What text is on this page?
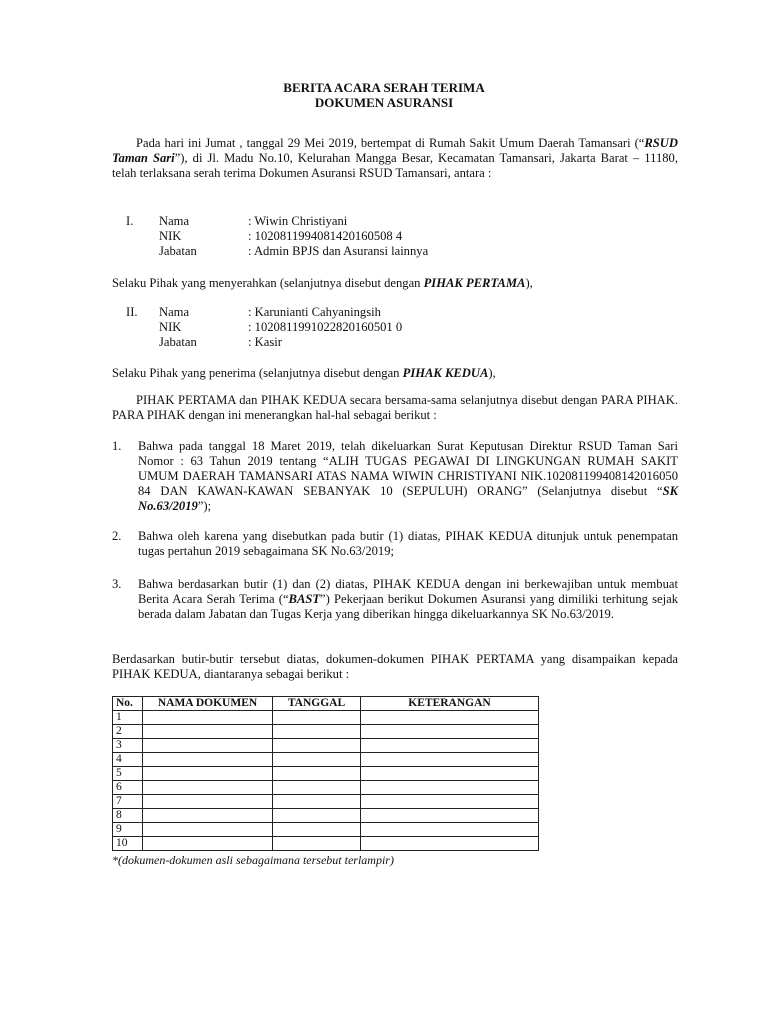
BERITA ACARA SERAH TERIMA
DOKUMEN ASURANSI
Pada hari ini Jumat , tanggal 29 Mei 2019, bertempat di Rumah Sakit Umum Daerah Tamansari (“RSUD Taman Sari”), di Jl. Madu No.10, Kelurahan Mangga Besar, Kecamatan Tamansari, Jakarta Barat – 11180, telah terlaksana serah terima Dokumen Asuransi RSUD Tamansari, antara :
I. Nama	: Wiwin Christiyani
NIK	: 1020811994081420160508 4
Jabatan	: Admin BPJS dan Asuransi lainnya
Selaku Pihak yang menyerahkan (selanjutnya disebut dengan PIHAK PERTAMA),
II. Nama	: Karunianti Cahyaningsih
NIK	: 1020811991022820160501 0
Jabatan	: Kasir
Selaku Pihak yang penerima (selanjutnya disebut dengan PIHAK KEDUA),
PIHAK PERTAMA dan PIHAK KEDUA secara bersama-sama selanjutnya disebut dengan PARA PIHAK. PARA PIHAK dengan ini menerangkan hal-hal sebagai berikut :
1.	Bahwa pada tanggal 18 Maret 2019, telah dikeluarkan Surat Keputusan Direktur RSUD Taman Sari Nomor : 63 Tahun 2019 tentang “ALIH TUGAS PEGAWAI DI LINGKUNGAN RUMAH SAKIT UMUM DAERAH TAMANSARI ATAS NAMA WIWIN CHRISTIYANI NIK.102081199408142016050 84 DAN KAWAN-KAWAN SEBANYAK 10 (SEPULUH) ORANG” (Selanjutnya disebut “SK No.63/2019”);
2.	Bahwa oleh karena yang disebutkan pada butir (1) diatas, PIHAK KEDUA ditunjuk untuk penempatan tugas pertahun 2019 sebagaimana SK No.63/2019;
3.	Bahwa berdasarkan butir (1) dan (2) diatas, PIHAK KEDUA dengan ini berkewajiban untuk membuat Berita Acara Serah Terima (“BAST”) Pekerjaan berikut Dokumen Asuransi yang dimiliki terhitung sejak berada dalam Jabatan dan Tugas Kerja yang diberikan hingga dikeluarkannya SK No.63/2019.
Berdasarkan butir-butir tersebut diatas, dokumen-dokumen PIHAK PERTAMA yang disampaikan kepada PIHAK KEDUA, diantaranya sebagai berikut :
No.	NAMA DOKUMEN	TANGGAL	KETERANGAN
1			
2			
3			
4			
5			
6			
7			
8			
9			
10			
*(dokumen-dokumen asli sebagaimana tersebut terlampir)
